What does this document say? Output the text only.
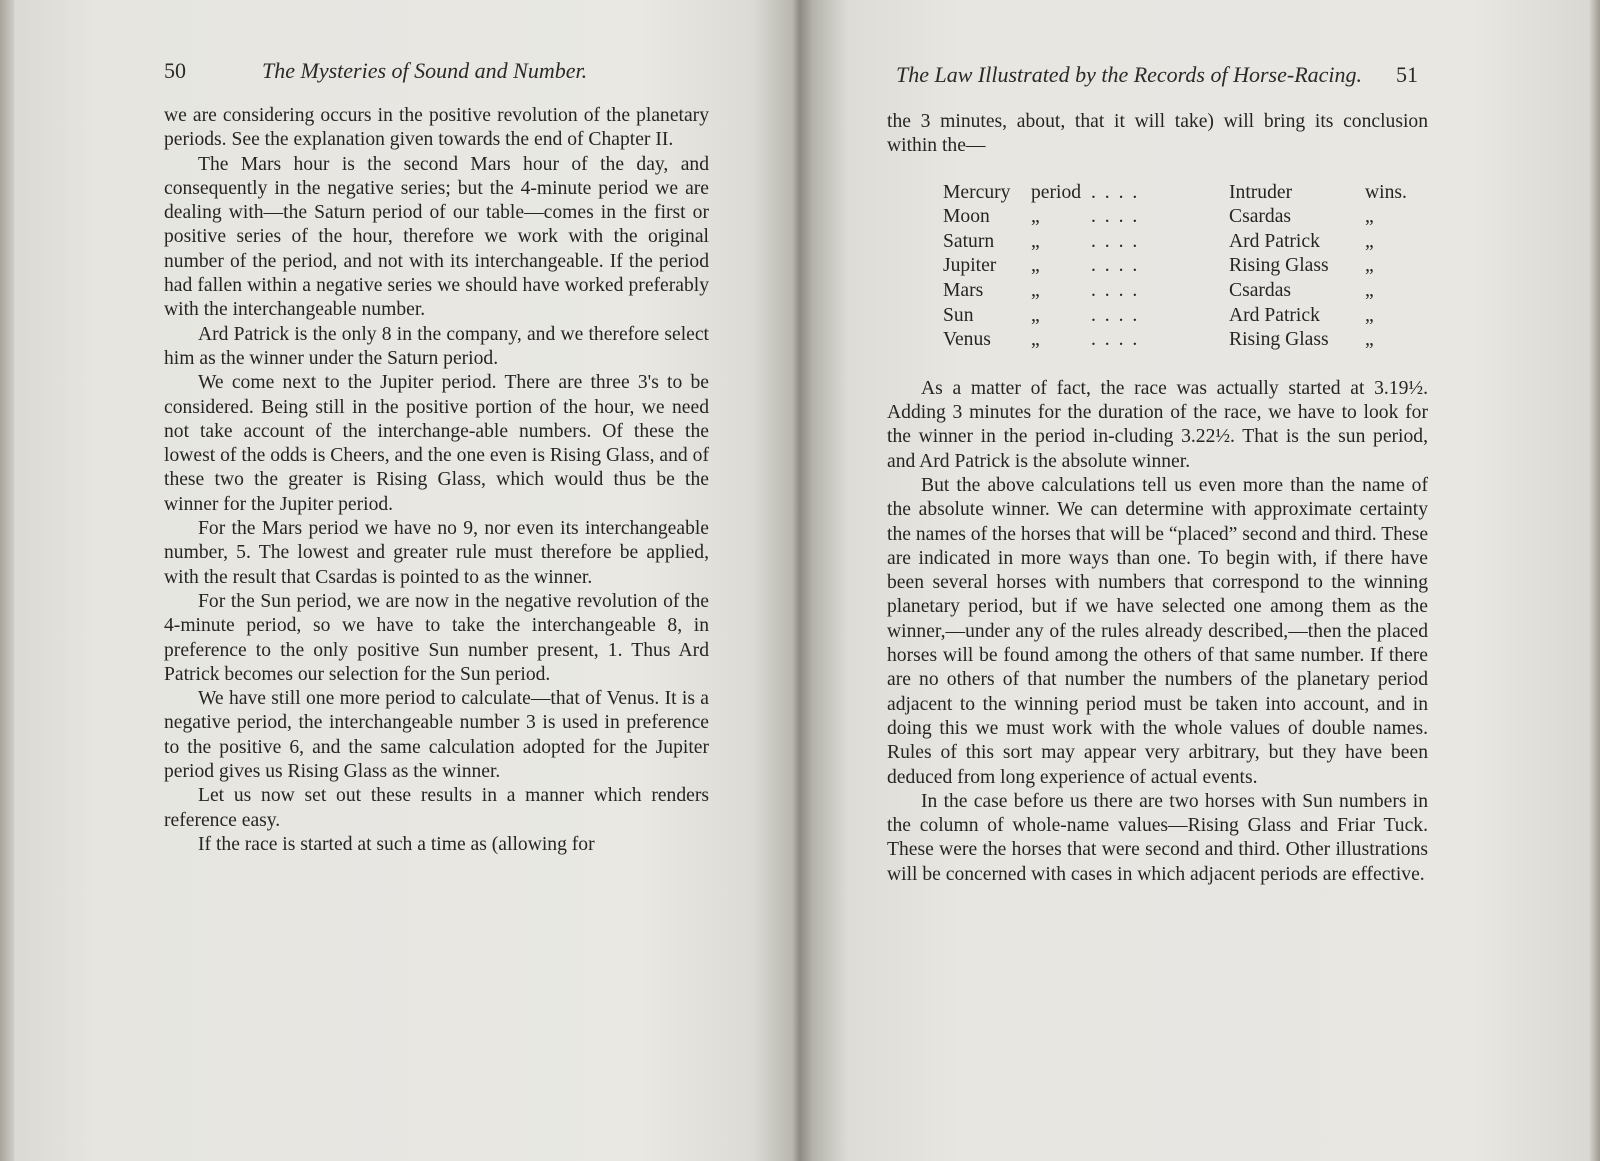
50	The Mysteries of Sound and Number.

we are considering occurs in the positive revolution of the planetary periods. See the explanation given towards the end of Chapter II.

The Mars hour is the second Mars hour of the day, and consequently in the negative series; but the 4-minute period we are dealing with—the Saturn period of our table—comes in the first or positive series of the hour, therefore we work with the original number of the period, and not with its interchangeable. If the period had fallen within a negative series we should have worked preferably with the interchangeable number.

Ard Patrick is the only 8 in the company, and we therefore select him as the winner under the Saturn period.

We come next to the Jupiter period. There are three 3's to be considered. Being still in the positive portion of the hour, we need not take account of the interchange-able numbers. Of these the lowest of the odds is Cheers, and the one even is Rising Glass, and of these two the greater is Rising Glass, which would thus be the winner for the Jupiter period.

For the Mars period we have no 9, nor even its interchangeable number, 5. The lowest and greater rule must therefore be applied, with the result that Csardas is pointed to as the winner.

For the Sun period, we are now in the negative revolution of the 4-minute period, so we have to take the interchangeable 8, in preference to the only positive Sun number present, 1. Thus Ard Patrick becomes our selection for the Sun period.

We have still one more period to calculate—that of Venus. It is a negative period, the interchangeable number 3 is used in preference to the positive 6, and the same calculation adopted for the Jupiter period gives us Rising Glass as the winner.

Let us now set out these results in a manner which renders reference easy.

If the race is started at such a time as (allowing for

The Law Illustrated by the Records of Horse-Racing. 51

the 3 minutes, about, that it will take) will bring its conclusion within the—

Mercury	period	. . . .	Intruder	wins.
Moon	„	. . . .	Csardas	„
Saturn	„	. . . .	Ard Patrick	„
Jupiter	„	. . . .	Rising Glass	„
Mars	„	. . . .	Csardas	„
Sun	„	. . . .	Ard Patrick	„
Venus	„	. . . .	Rising Glass	„

As a matter of fact, the race was actually started at 3.19½. Adding 3 minutes for the duration of the race, we have to look for the winner in the period in-cluding 3.22½. That is the sun period, and Ard Patrick is the absolute winner.

But the above calculations tell us even more than the name of the absolute winner. We can determine with approximate certainty the names of the horses that will be “placed” second and third. These are indicated in more ways than one. To begin with, if there have been several horses with numbers that correspond to the winning planetary period, but if we have selected one among them as the winner,—under any of the rules already described,—then the placed horses will be found among the others of that same number. If there are no others of that number the numbers of the planetary period adjacent to the winning period must be taken into account, and in doing this we must work with the whole values of double names. Rules of this sort may appear very arbitrary, but they have been deduced from long experience of actual events.

In the case before us there are two horses with Sun numbers in the column of whole-name values—Rising Glass and Friar Tuck. These were the horses that were second and third. Other illustrations will be concerned with cases in which adjacent periods are effective.
